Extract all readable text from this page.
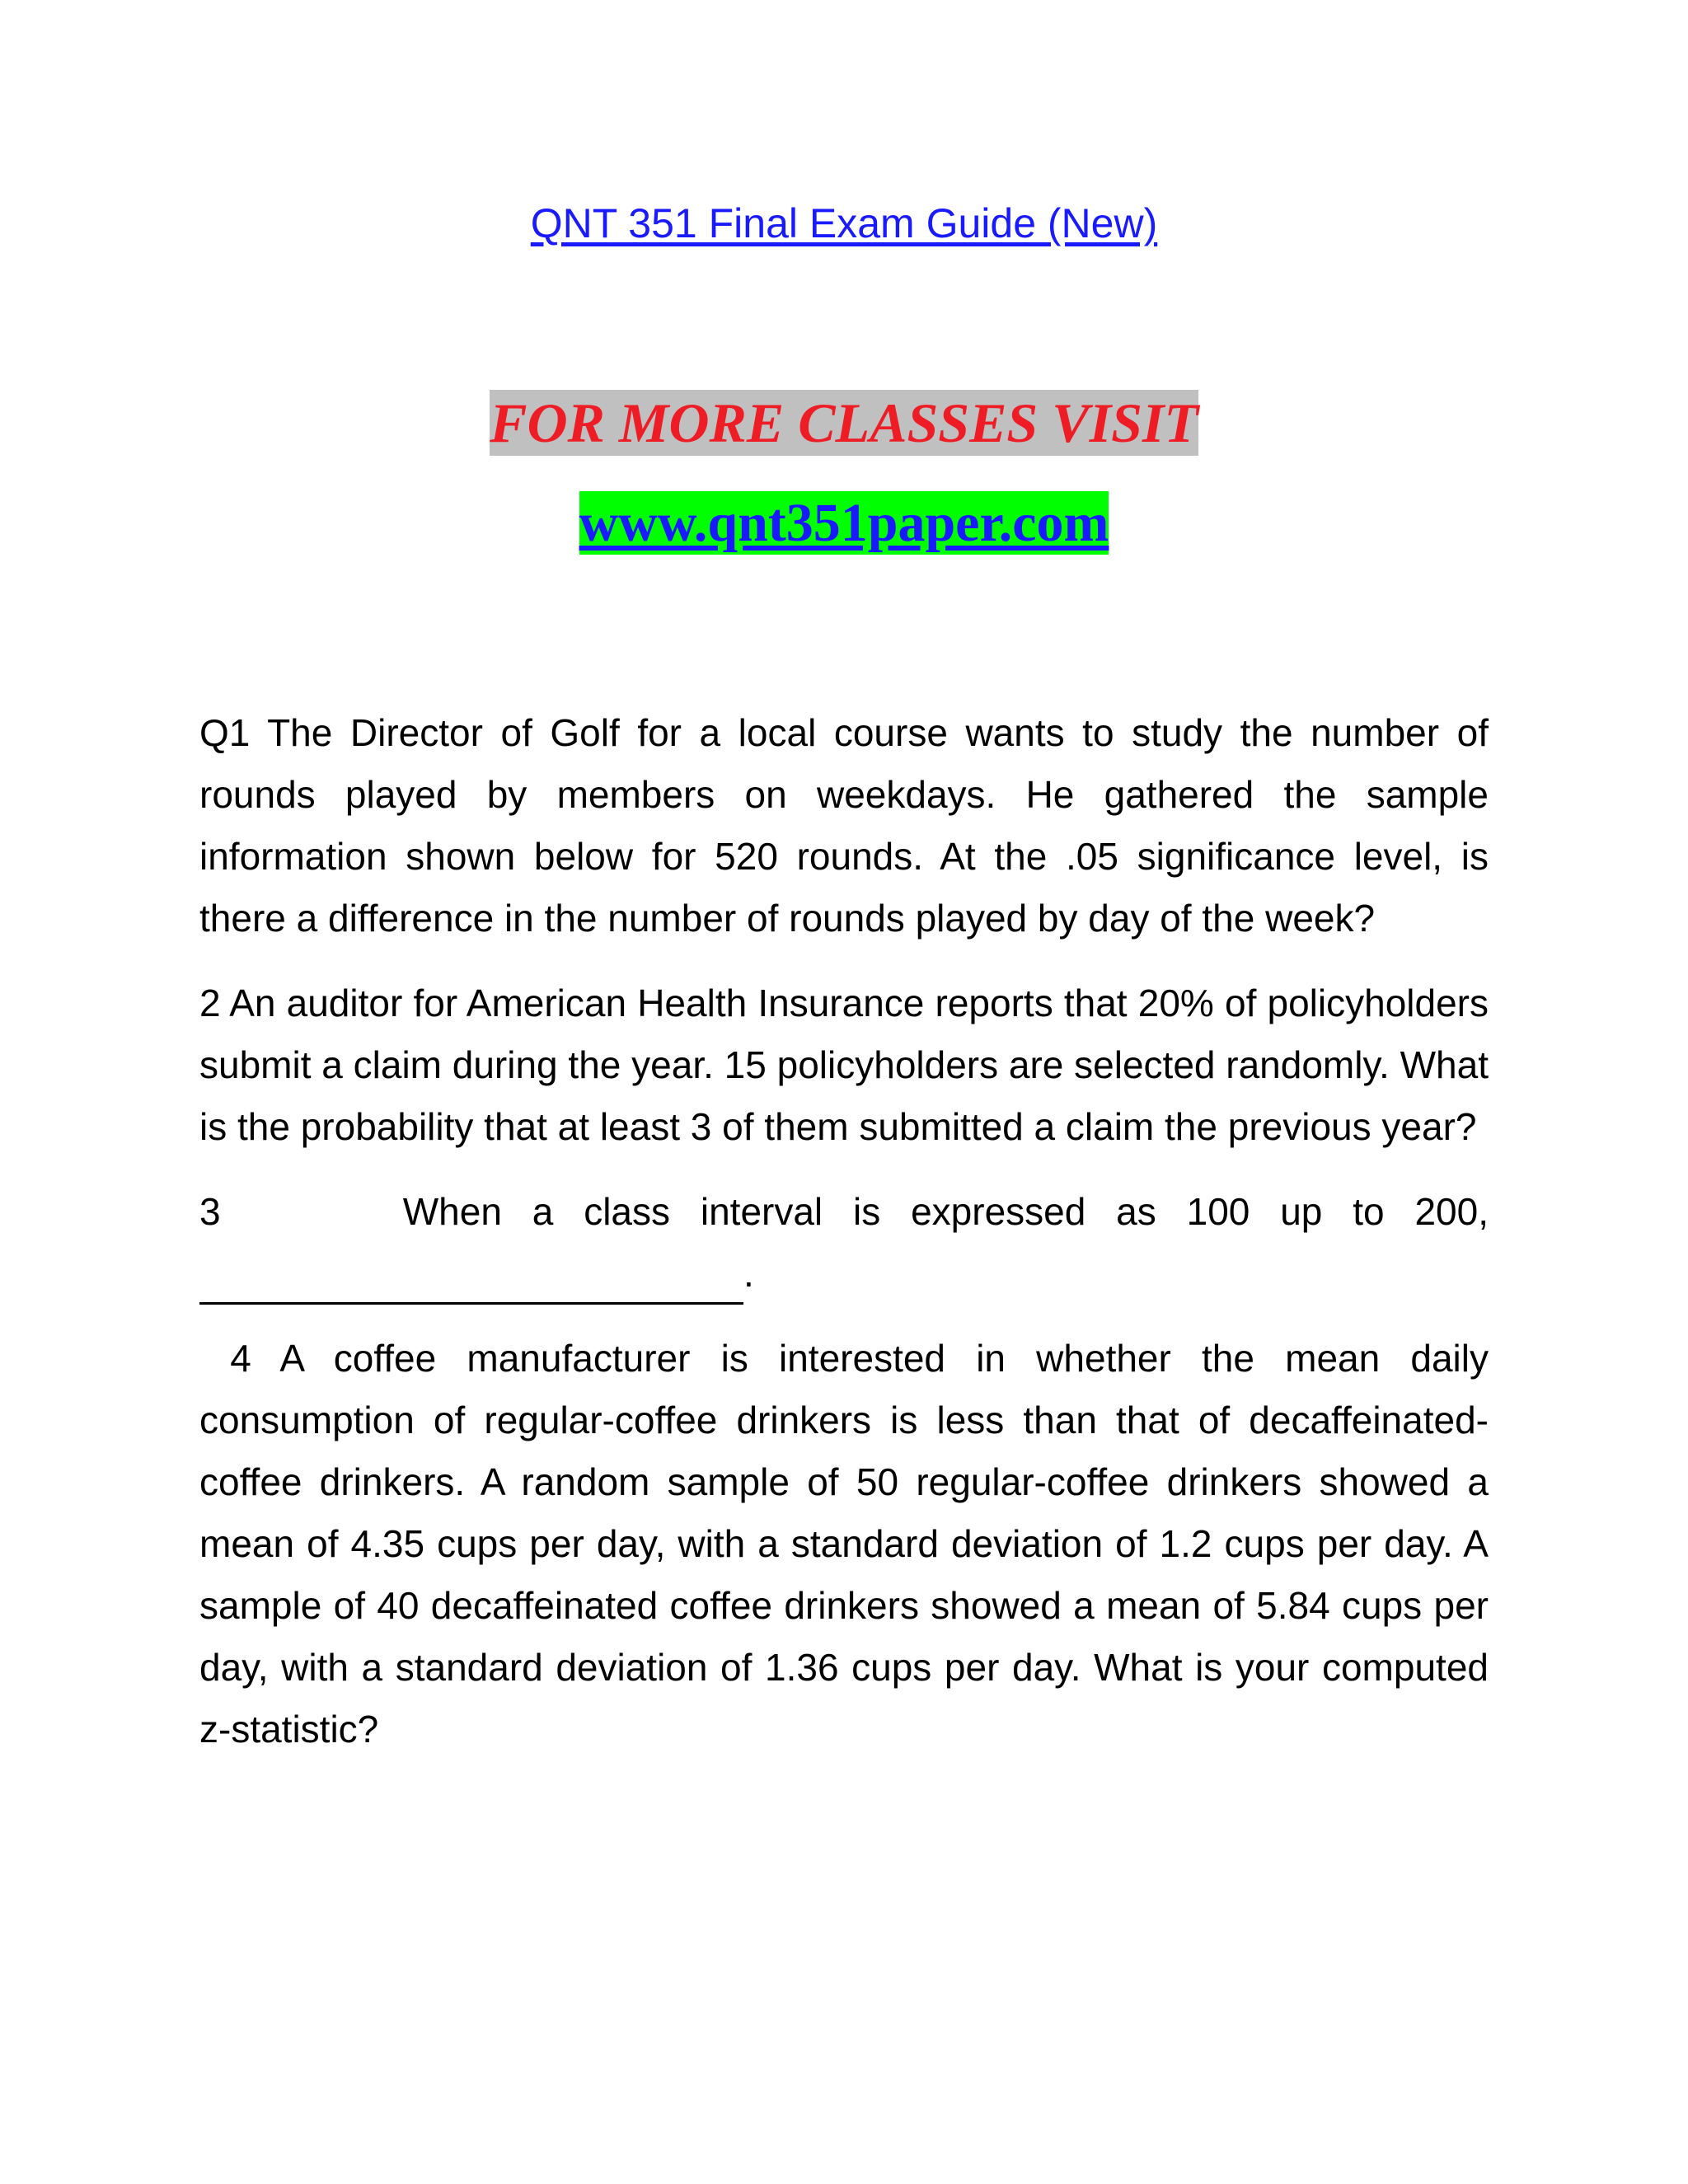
QNT 351 Final Exam Guide (New)
FOR MORE CLASSES VISIT
www.qnt351paper.com

Q1 The Director of Golf for a local course wants to study the number of rounds played by members on weekdays. He gathered the sample information shown below for 520 rounds. At the .05 significance level, is there a difference in the number of rounds played by day of the week?

2 An auditor for American Health Insurance reports that 20% of policyholders submit a claim during the year. 15 policyholders are selected randomly. What is the probability that at least 3 of them submitted a claim the previous year?

3      When a class interval is expressed as 100 up to 200,

.

4 A coffee manufacturer is interested in whether the mean daily consumption of regular-coffee drinkers is less than that of decaffeinated-coffee drinkers. A random sample of 50 regular-coffee drinkers showed a mean of 4.35 cups per day, with a standard deviation of 1.2 cups per day. A sample of 40 decaffeinated coffee drinkers showed a mean of 5.84 cups per day, with a standard deviation of 1.36 cups per day. What is your computed z-statistic?
